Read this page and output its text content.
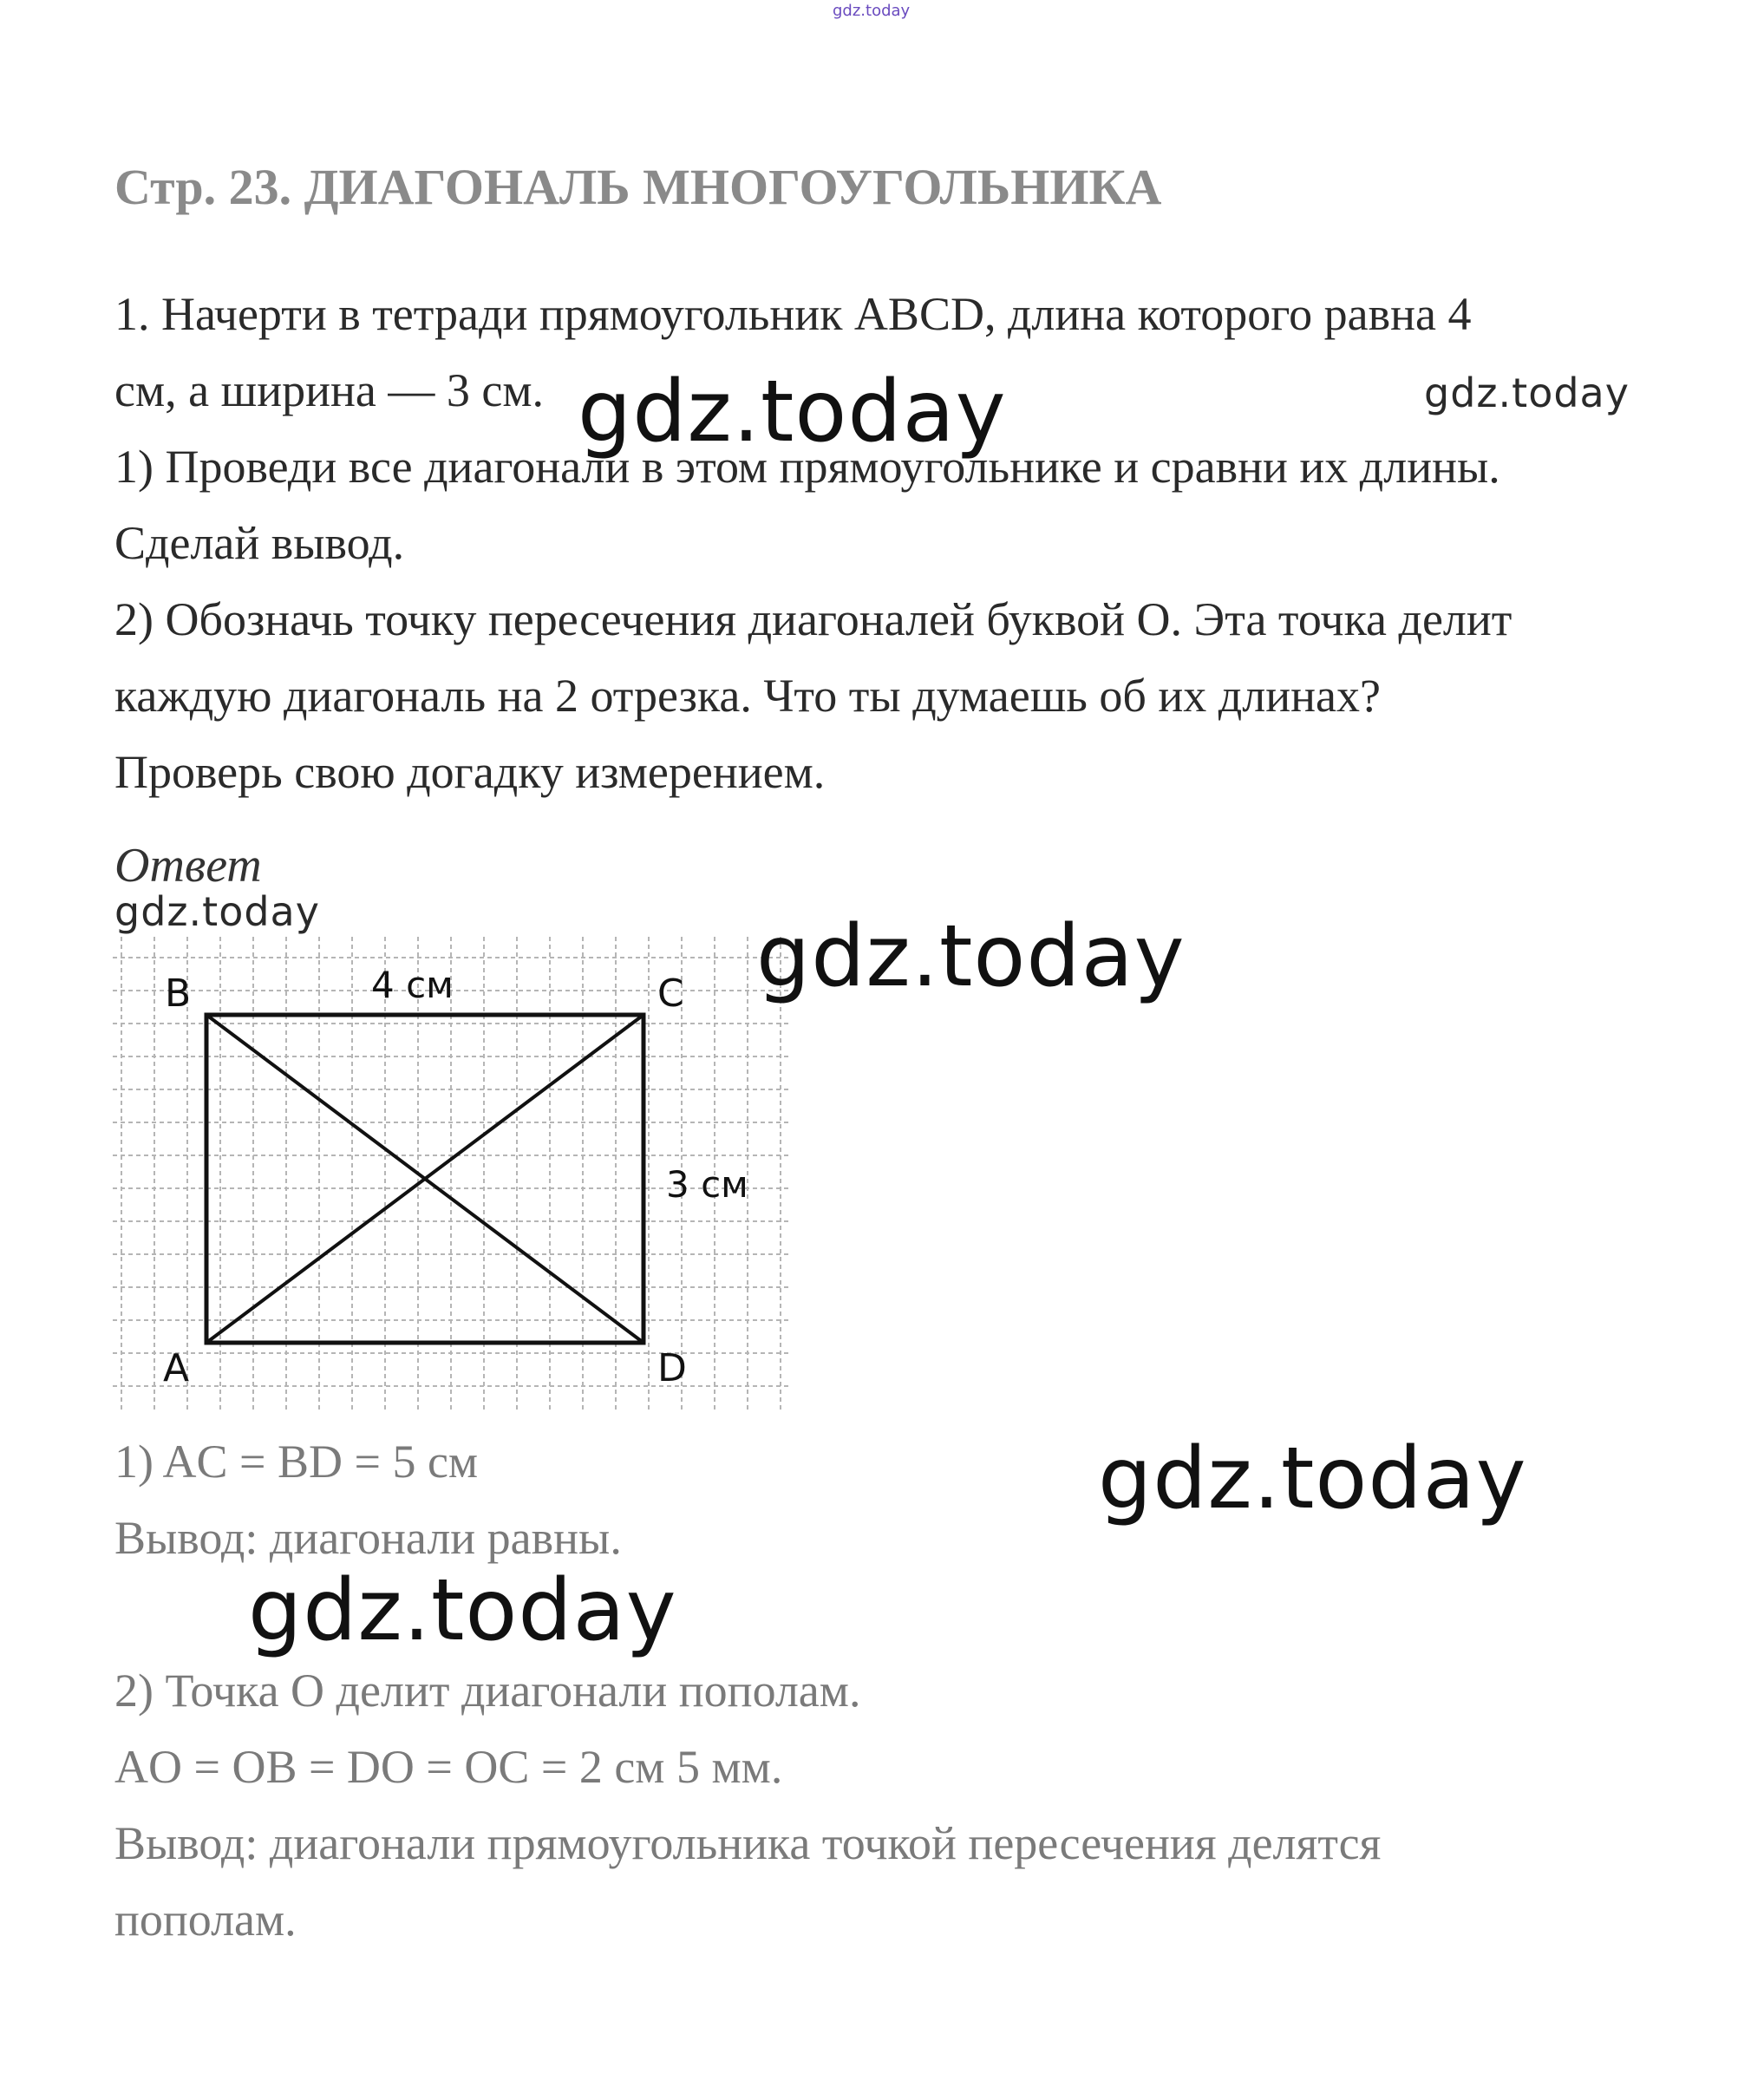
gdz.today
Стр. 23. ДИАГОНАЛЬ МНОГОУГОЛЬНИКА

1. Начерти в тетради прямоугольник ABCD, длина которого равна 4

см, а ширина — 3 см.

1) Проведи все диагонали в этом прямоугольнике и сравни их длины.

Сделай вывод.

2) Обозначь точку пересечения диагоналей буквой О. Эта точка делит

каждую диагональ на 2 отрезка. Что ты думаешь об их длинах?

Проверь свою догадку измерением.

gdz.today	gdz.today
Ответ
gdz.today
B	C
A	D
4 см
3 см
gdz.today
1) AC = BD = 5 см
Вывод: диагонали равны.
gdz.today
gdz.today
2) Точка O делит диагонали пополам.
AO = OB = DO = OC = 2 см 5 мм.
Вывод: диагонали прямоугольника точкой пересечения делятся
пополам.
